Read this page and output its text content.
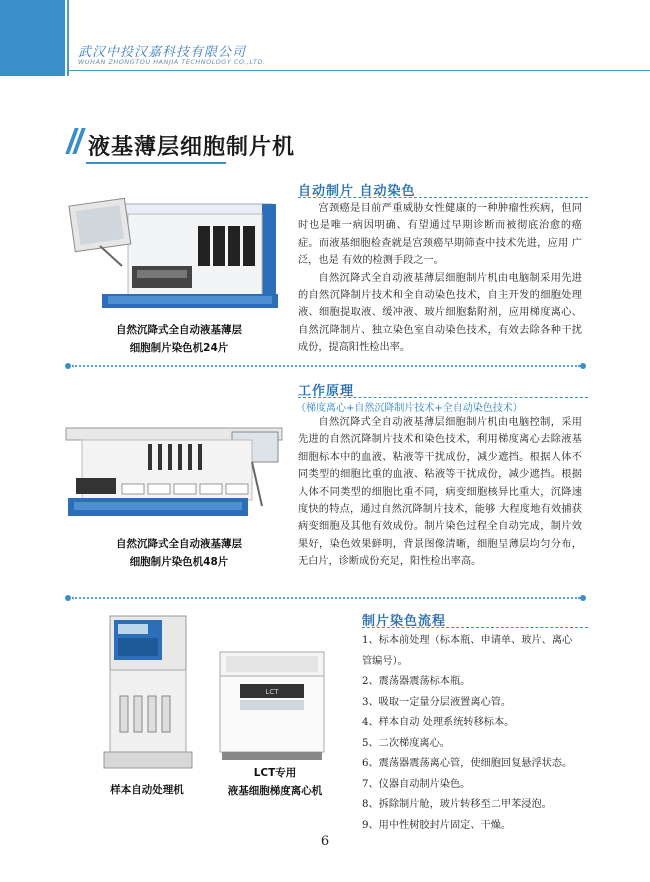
武汉中投汉嘉科技有限公司
WUHAN ZHONGTOU HANJIA TECHNOLOGY CO.,LTD.
液基薄层细胞制片机
自然沉降式全自动液基薄层
细胞制片染色机24片
自动制片 自动染色

宫颈癌是目前严重威胁女性健康的一种肿瘤性疾病，但同时也是唯一病因明确、有望通过早期诊断而被彻底治愈的癌症。而液基细胞检查就是宫颈癌早期筛查中技术先进，应用 广泛，也是 有效的检测手段之一。

自然沉降式全自动液基薄层细胞制片机由电脑制采用先进的自然沉降制片技术和全自动染色技术，自主开发的细胞处理液、细胞提取液、缓冲液、玻片细胞黏附剂，应用梯度离心、自然沉降制片、独立染色室自动染色技术，有效去除各种干扰成份，提高阳性检出率。

自然沉降式全自动液基薄层
细胞制片染色机48片
工作原理
（梯度离心+自然沉降制片技术+全自动染色技术）

自然沉降式全自动液基薄层细胞制片机由电脑控制，采用 先进的自然沉降制片技术和染色技术，利用梯度离心去除液基细胞标本中的血液、粘液等干扰成份，减少遮挡。根据人体不同类型的细胞比重的血液、粘液等干扰成份，减少遮挡。根据人体不同类型的细胞比重不同，病变细胞核异比重大，沉降速度快的特点，通过自然沉降制片技术，能够 大程度地有效捕获病变细胞及其他有效成份。制片染色过程全自动完成，制片效果好，染色效果鲜明，背景图像清晰，细胞呈薄层均匀分布，无白片，诊断成份充足，阳性检出率高。

样本自动处理机
LCT
LCT专用
液基细胞梯度离心机
制片染色流程
1、标本前处理（标本瓶、申请单、玻片、离心
管编号）。
2、震荡器震荡标本瓶。
3、吸取一定量分层液置离心管。
4、样本自动 处理系统转移标本。
5、二次梯度离心。
6、震荡器震荡离心管，使细胞回复悬浮状态。
7、仪器自动制片染色。
8、拆除制片舱，玻片转移至二甲苯浸泡。
9、用中性树胶封片固定、干燥。
6
